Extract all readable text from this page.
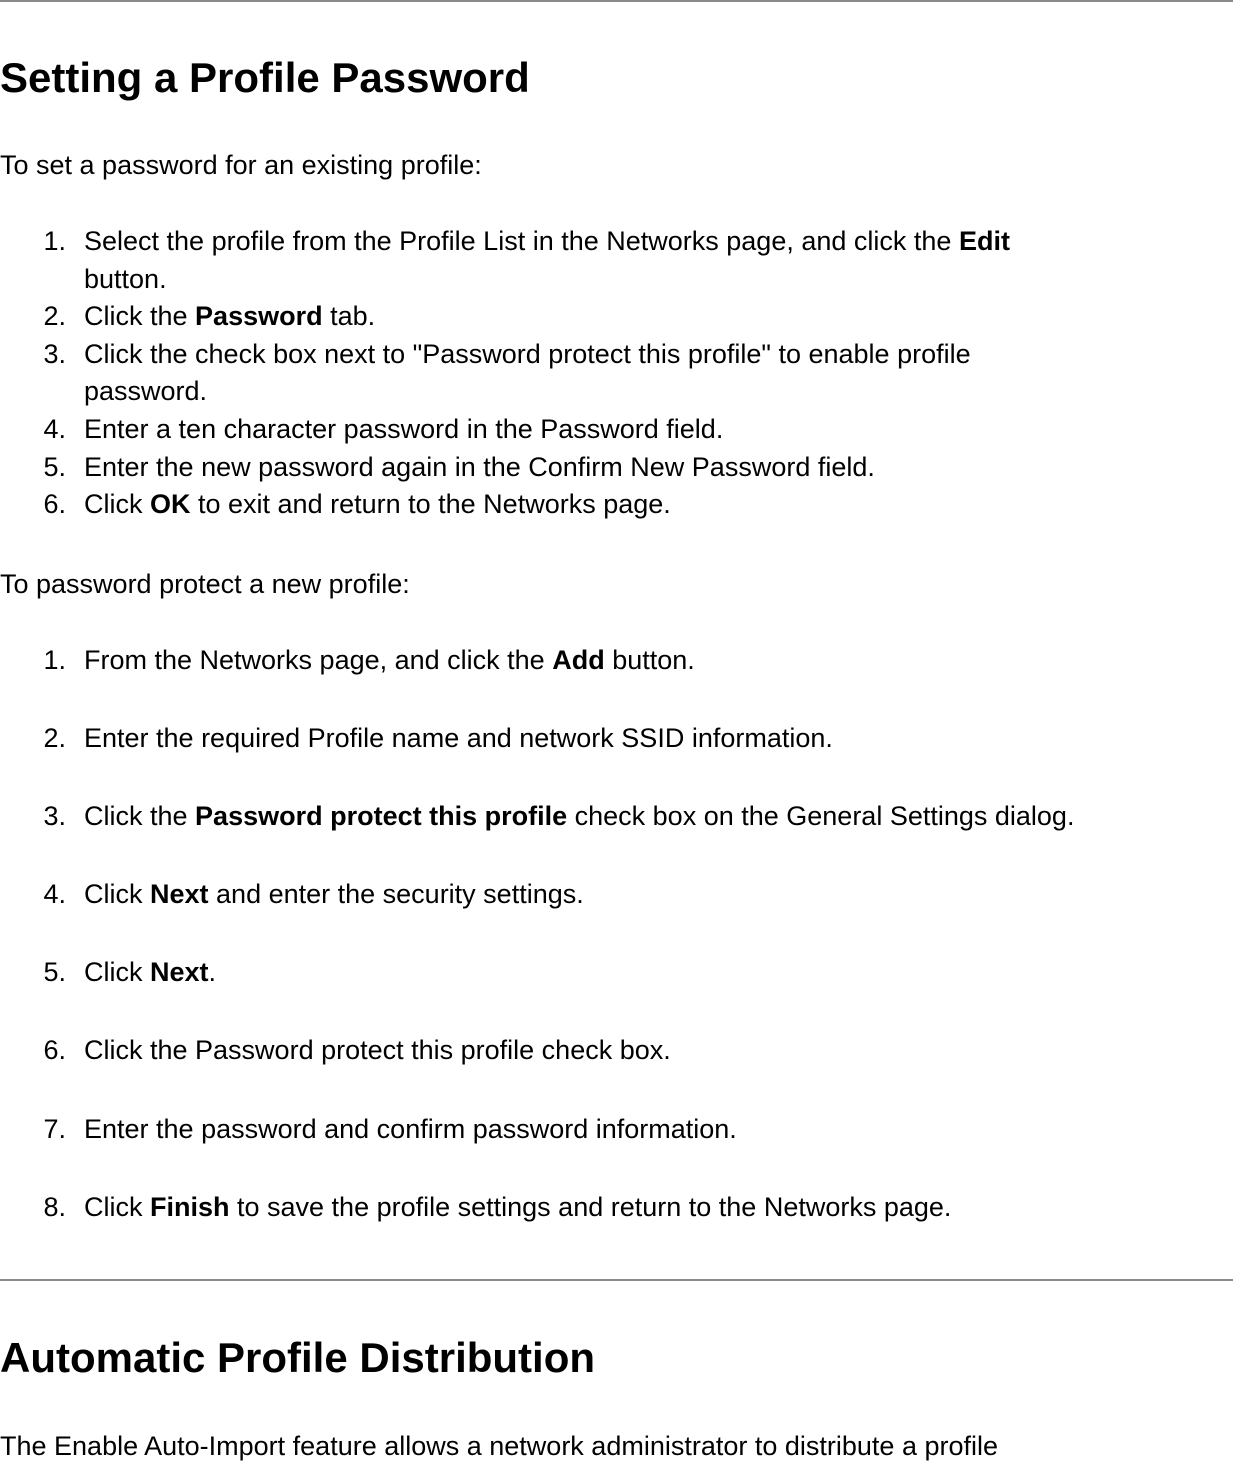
Setting a Profile Password

To set a password for an existing profile:

1. Select the profile from the Profile List in the Networks page, and click the Edit
button.
2. Click the Password tab.
3. Click the check box next to "Password protect this profile" to enable profile
password.
4. Enter a ten character password in the Password field.
5. Enter the new password again in the Confirm New Password field.
6. Click OK to exit and return to the Networks page.

To password protect a new profile:

1. From the Networks page, and click the Add button.
2. Enter the required Profile name and network SSID information.
3. Click the Password protect this profile check box on the General Settings dialog.
4. Click Next and enter the security settings.
5. Click Next.
6. Click the Password protect this profile check box.
7. Enter the password and confirm password information.
8. Click Finish to save the profile settings and return to the Networks page.
Automatic Profile Distribution

The Enable Auto-Import feature allows a network administrator to distribute a profile
